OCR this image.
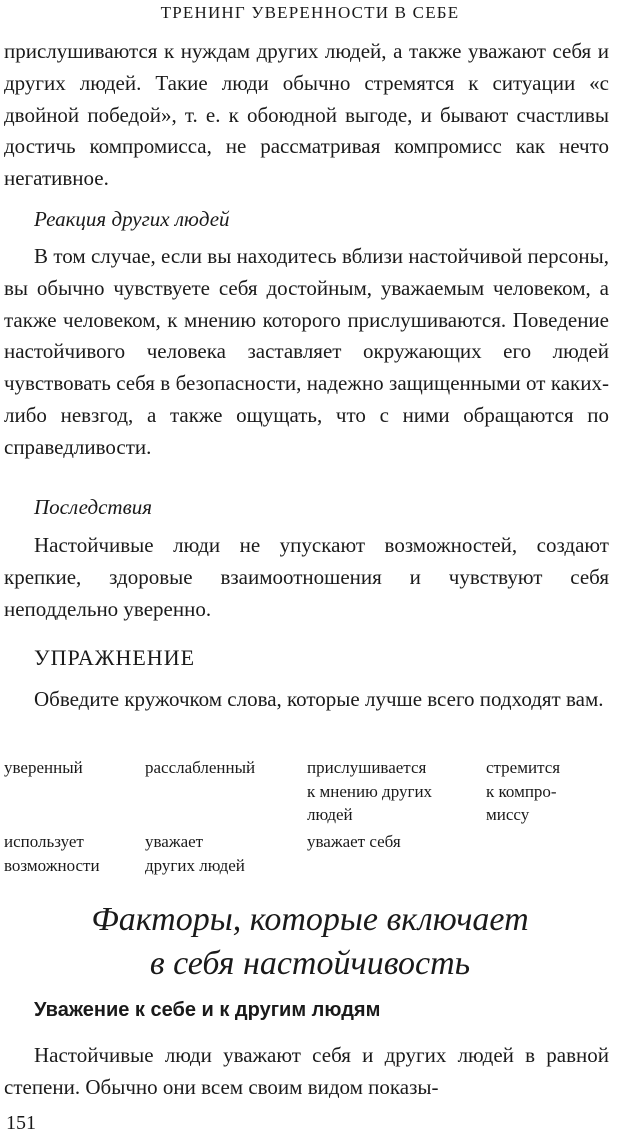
ТРЕНИНГ УВЕРЕННОСТИ В СЕБЕ
прислушиваются к нуждам других людей, а также уважают себя и других людей. Такие люди обычно стремятся к ситуации «с двойной победой», т. е. к обоюдной выгоде, и бывают счастливы достичь компромисса, не рассматривая компромисс как нечто негативное.
Реакция других людей
В том случае, если вы находитесь вблизи настойчивой персоны, вы обычно чувствуете себя достойным, уважаемым человеком, а также человеком, к мнению которого прислушиваются. Поведение настойчивого человека заставляет окружающих его людей чувствовать себя в безопасности, надежно защищенными от каких-либо невзгод, а также ощущать, что с ними обращаются по справедливости.
Последствия
Настойчивые люди не упускают возможностей, создают крепкие, здоровые взаимоотношения и чувствуют себя неподдельно уверенно.
УПРАЖНЕНИЕ
Обведите кружочком слова, которые лучше всего подходят вам.
уверенный	расслабленный	прислушивается
к мнению других
людей
стремится
к компро-
миссу
использует
возможности
уважает
других людей
уважает себя
Факторы, которые включает
в себя настойчивость
Уважение к себе и к другим людям
Настойчивые люди уважают себя и других людей в равной степени. Обычно они всем своим видом показы-
151
